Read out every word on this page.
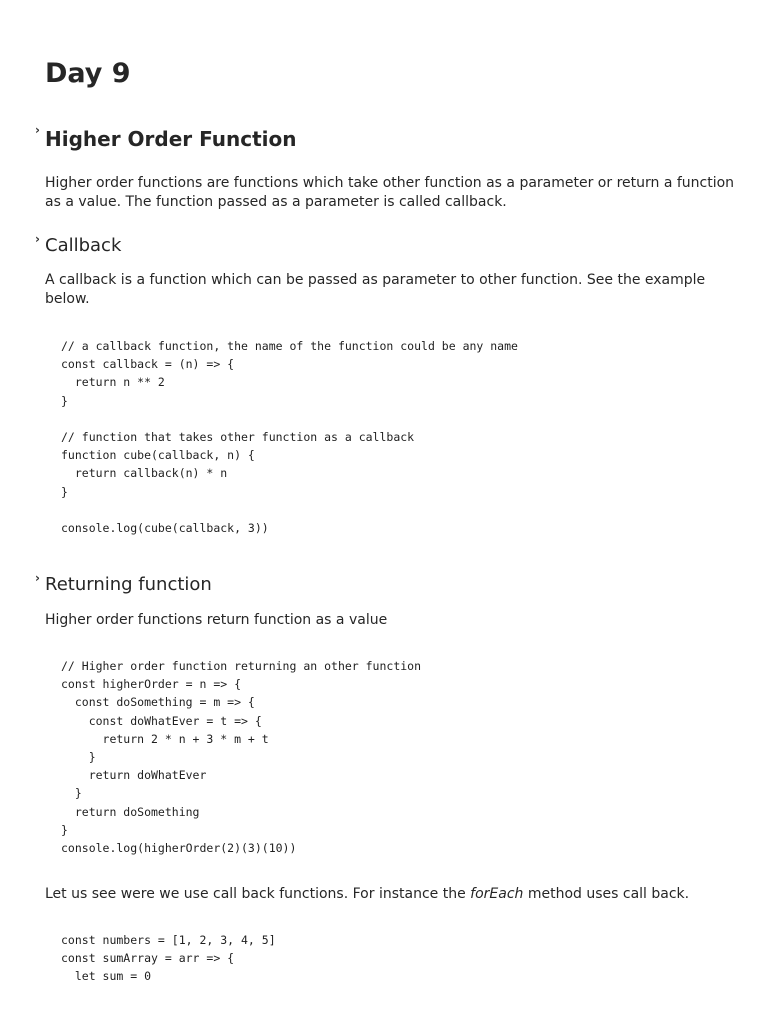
Day 9
› Higher Order Function

Higher order functions are functions which take other function as a parameter or return a function as a value. The function passed as a parameter is called callback.

› Callback

A callback is a function which can be passed as parameter to other function. See the example below.

// a callback function, the name of the function could be any name
const callback = (n) => {
return n ** 2
}
// function that takes other function as a callback
function cube(callback, n) {
return callback(n) * n
}
console.log(cube(callback, 3))
› Returning function

Higher order functions return function as a value

// Higher order function returning an other function
const higherOrder = n => {
const doSomething = m => {
const doWhatEver = t => {
return 2 * n + 3 * m + t
}
return doWhatEver
}
return doSomething
}
console.log(higherOrder(2)(3)(10))

Let us see were we use call back functions. For instance the forEach method uses call back.

const numbers = [1, 2, 3, 4, 5]
const sumArray = arr => {
let sum = 0
